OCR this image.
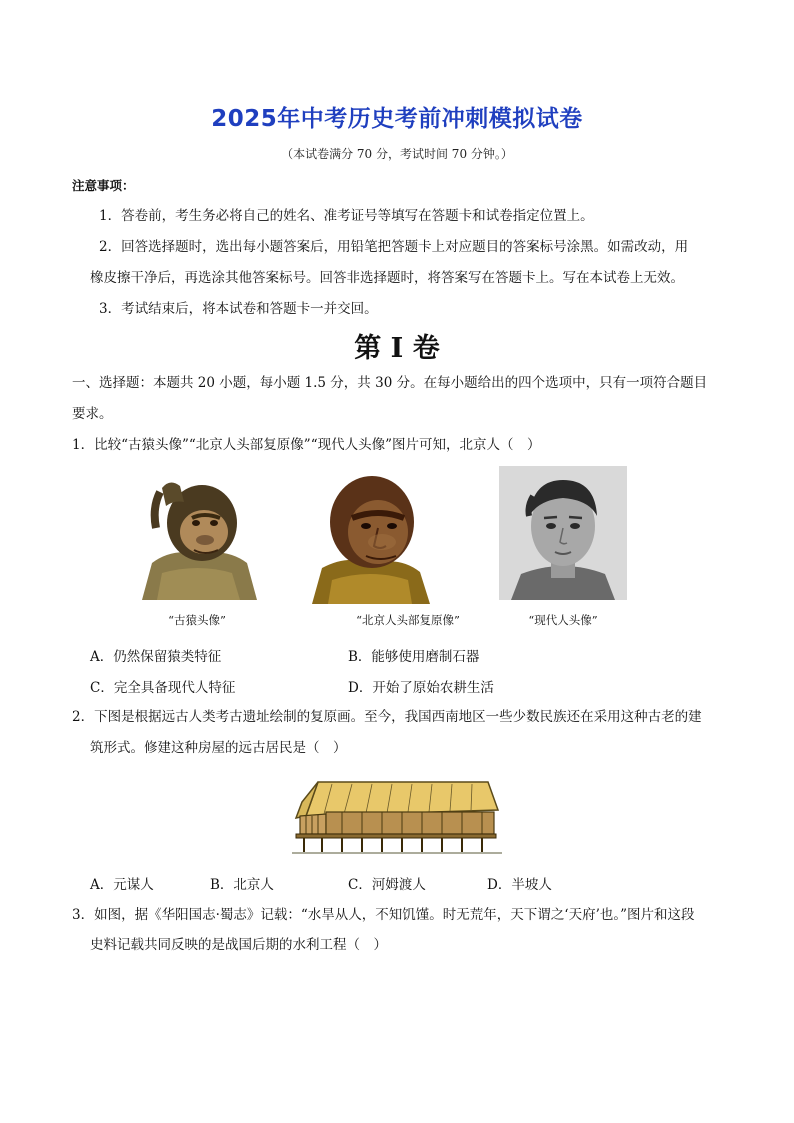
2025年中考历史考前冲刺模拟试卷
（本试卷满分 70 分，考试时间 70 分钟。）
注意事项：
1．答卷前，考生务必将自己的姓名、准考证号等填写在答题卡和试卷指定位置上。
2．回答选择题时，选出每小题答案后，用铅笔把答题卡上对应题目的答案标号涂黑。如需改动，用
橡皮擦干净后，再选涂其他答案标号。回答非选择题时，将答案写在答题卡上。写在本试卷上无效。
3．考试结束后，将本试卷和答题卡一并交回。
第 I 卷
一、选择题：本题共 20 小题，每小题 1.5 分，共 30 分。在每小题给出的四个选项中，只有一项符合题目
要求。
1．比较“古猿头像”“北京人头部复原像”“现代人头像”图片可知，北京人（　）
“古猿头像”	“北京人头部复原像”	“现代人头像”
A．仍然保留猿类特征	B．能够使用磨制石器
C．完全具备现代人特征	D．开始了原始农耕生活
2．下图是根据远古人类考古遗址绘制的复原画。至今，我国西南地区一些少数民族还在采用这种古老的建
筑形式。修建这种房屋的远古居民是（　）
A．元谋人	B．北京人	C．河姆渡人	D．半坡人
3．如图，据《华阳国志·蜀志》记载：“水旱从人，不知饥馑。时无荒年，天下谓之‘天府’也。”图片和这段
史料记载共同反映的是战国后期的水利工程（　）
